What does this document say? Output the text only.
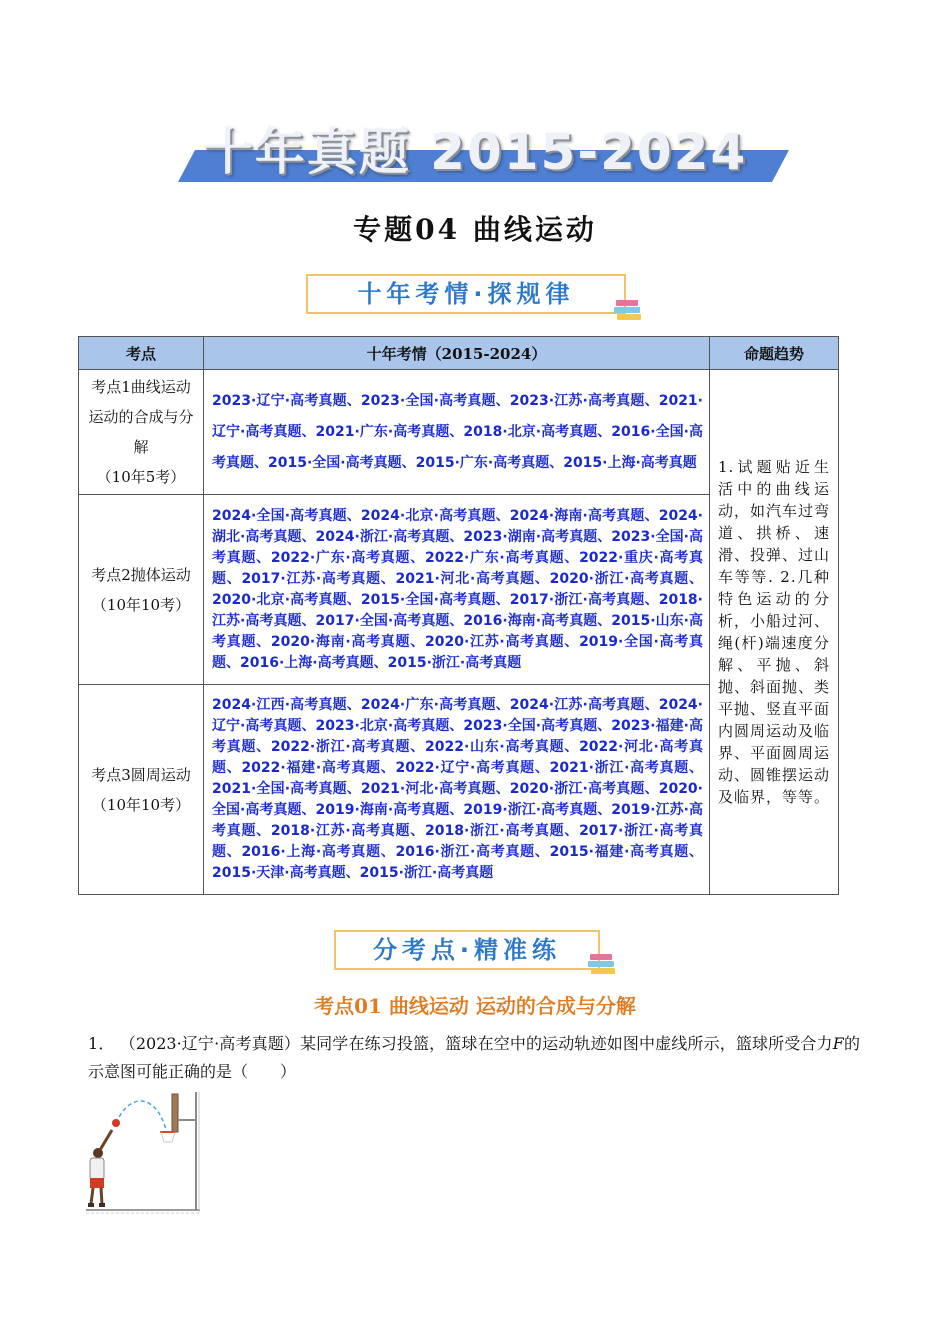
十年真题 2015-2024
专题04 曲线运动
十年考情·探规律
考点	十年考情（2015-2024）	命题趋势

考点1曲线运动 运动的合成与分解
（10年5考）	2023·辽宁·高考真题、2023·全国·高考真题、2023·江苏·高考真题、2021·辽宁·高考真题、2021·广东·高考真题、2018·北京·高考真题、2016·全国·高考真题、2015·全国·高考真题、2015·广东·高考真题、2015·上海·高考真题	1.试题贴近生活中的曲线运动，如汽车过弯道、拱桥、速滑、投弹、过山车等等. 2.几种特色运动的分析，小船过河、绳(杆)端速度分解、平抛、斜抛、斜面抛、类平抛、竖直平面内圆周运动及临界、平面圆周运动、圆锥摆运动及临界，等等。

考点2抛体运动
（10年10考）	2024·全国·高考真题、2024·北京·高考真题、2024·海南·高考真题、2024·湖北·高考真题、2024·浙江·高考真题、2023·湖南·高考真题、2023·全国·高考真题、2022·广东·高考真题、2022·广东·高考真题、2022·重庆·高考真题、2017·江苏·高考真题、2021·河北·高考真题、2020·浙江·高考真题、2020·北京·高考真题、2015·全国·高考真题、2017·浙江·高考真题、2018·江苏·高考真题、2017·全国·高考真题、2016·海南·高考真题、2015·山东·高考真题、2020·海南·高考真题、2020·江苏·高考真题、2019·全国·高考真题、2016·上海·高考真题、2015·浙江·高考真题	

考点3圆周运动
（10年10考）	2024·江西·高考真题、2024·广东·高考真题、2024·江苏·高考真题、2024·辽宁·高考真题、2023·北京·高考真题、2023·全国·高考真题、2023·福建·高考真题、2022·浙江·高考真题、2022·山东·高考真题、2022·河北·高考真题、2022·福建·高考真题、2022·辽宁·高考真题、2021·浙江·高考真题、2021·全国·高考真题、2021·河北·高考真题、2020·浙江·高考真题、2020·全国·高考真题、2019·海南·高考真题、2019·浙江·高考真题、2019·江苏·高考真题、2018·江苏·高考真题、2018·浙江·高考真题、2017·浙江·高考真题、2016·上海·高考真题、2016·浙江·高考真题、2015·福建·高考真题、2015·天津·高考真题、2015·浙江·高考真题	
分考点·精准练
考点01 曲线运动 运动的合成与分解
1． （2023·辽宁·高考真题）某同学在练习投篮，篮球在空中的运动轨迹如图中虚线所示，篮球所受合力F的示意图可能正确的是（　　）
